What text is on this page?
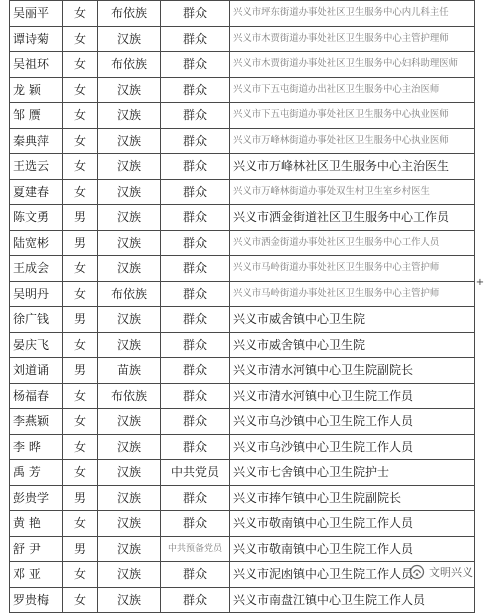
吴丽平	女	布依族	群众	兴义市坪东街道办事处社区卫生服务中心内儿科主任
谭诗菊	女	汉族	群众	兴义市木贾街道办事处社区卫生服务中心主管护理师
吴祖环	女	布依族	群众	兴义市木贾街道办事处社区卫生服务中心妇科助理医师
龙 颖	女	汉族	群众	兴义市下五屯街道办出社区卫生服务中心主治医师
邹 赝	女	汉族	群众	兴义市下五屯街道办事处社区卫生服务中心执业医师
秦典萍	女	汉族	群众	兴义市万峰林街道办事处社区卫生服务中心执业医师
王选云	女	汉族	群众	兴义市万峰林社区卫生服务中心主治医生
夏建春	女	汉族	群众	兴义市万峰林街道办事处双生村卫生室乡村医生
陈文勇	男	汉族	群众	兴义市洒金街道社区卫生服务中心工作员
陆宽彬	男	汉族	群众	兴义市洒金街道办事处社区卫生服务中心工作人员
王成会	女	汉族	群众	兴义市马岭街道办事处社区卫生服务中心主管护师
吴明丹	女	布依族	群众	兴义市马岭街道办事处社区卫生服务中心主管护师
徐广钱	男	汉族	群众	兴义市威舍镇中心卫生院
晏庆飞	女	汉族	群众	兴义市威舍镇中心卫生院
刘道诵	男	苗族	群众	兴义市清水河镇中心卫生院副院长
杨福春	女	布依族	群众	兴义市清水河镇中心卫生院工作员
李燕颖	女	汉族	群众	兴义市乌沙镇中心卫生院工作人员
李 晔	女	汉族	群众	兴义市乌沙镇中心卫生院工作人员
禹 芳	女	汉族	中共党员	兴义市七舍镇中心卫生院护士
彭贵学	男	汉族	群众	兴义市捧乍镇中心卫生院副院长
黄 艳	女	汉族	群众	兴义市敬南镇中心卫生院工作人员
舒 尹	男	汉族	中共预备党员	兴义市敬南镇中心卫生院工作人员
邓 亚	女	汉族	群众	兴义市泥凼镇中心卫生院工作人员
罗贵梅	女	汉族	群众	兴义市南盘江镇中心卫生院工作人员
+
文明兴义
